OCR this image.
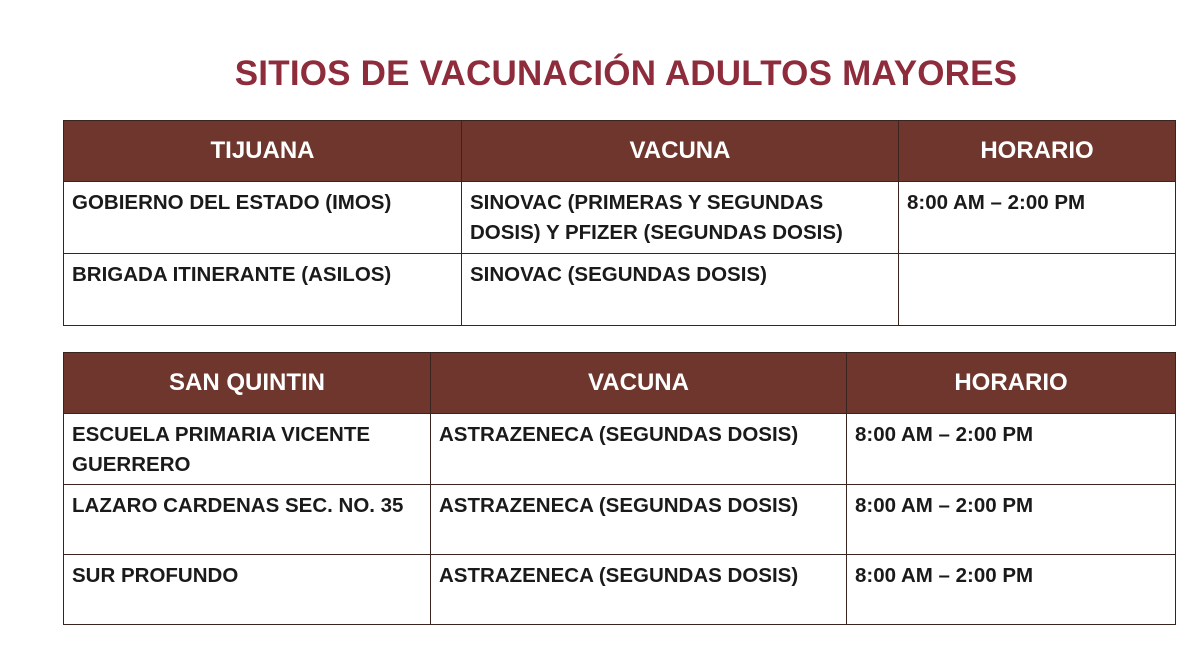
SITIOS DE VACUNACIÓN ADULTOS MAYORES
TIJUANA	VACUNA	HORARIO
GOBIERNO DEL ESTADO (IMOS)	SINOVAC (PRIMERAS Y SEGUNDAS DOSIS) Y PFIZER (SEGUNDAS DOSIS)	8:00 AM – 2:00 PM
BRIGADA ITINERANTE (ASILOS)	SINOVAC (SEGUNDAS DOSIS)	
SAN QUINTIN	VACUNA	HORARIO
ESCUELA PRIMARIA VICENTE GUERRERO	ASTRAZENECA (SEGUNDAS DOSIS)	8:00 AM – 2:00 PM
LAZARO CARDENAS SEC. NO. 35	ASTRAZENECA (SEGUNDAS DOSIS)	8:00 AM – 2:00 PM
SUR PROFUNDO	ASTRAZENECA (SEGUNDAS DOSIS)	8:00 AM – 2:00 PM
